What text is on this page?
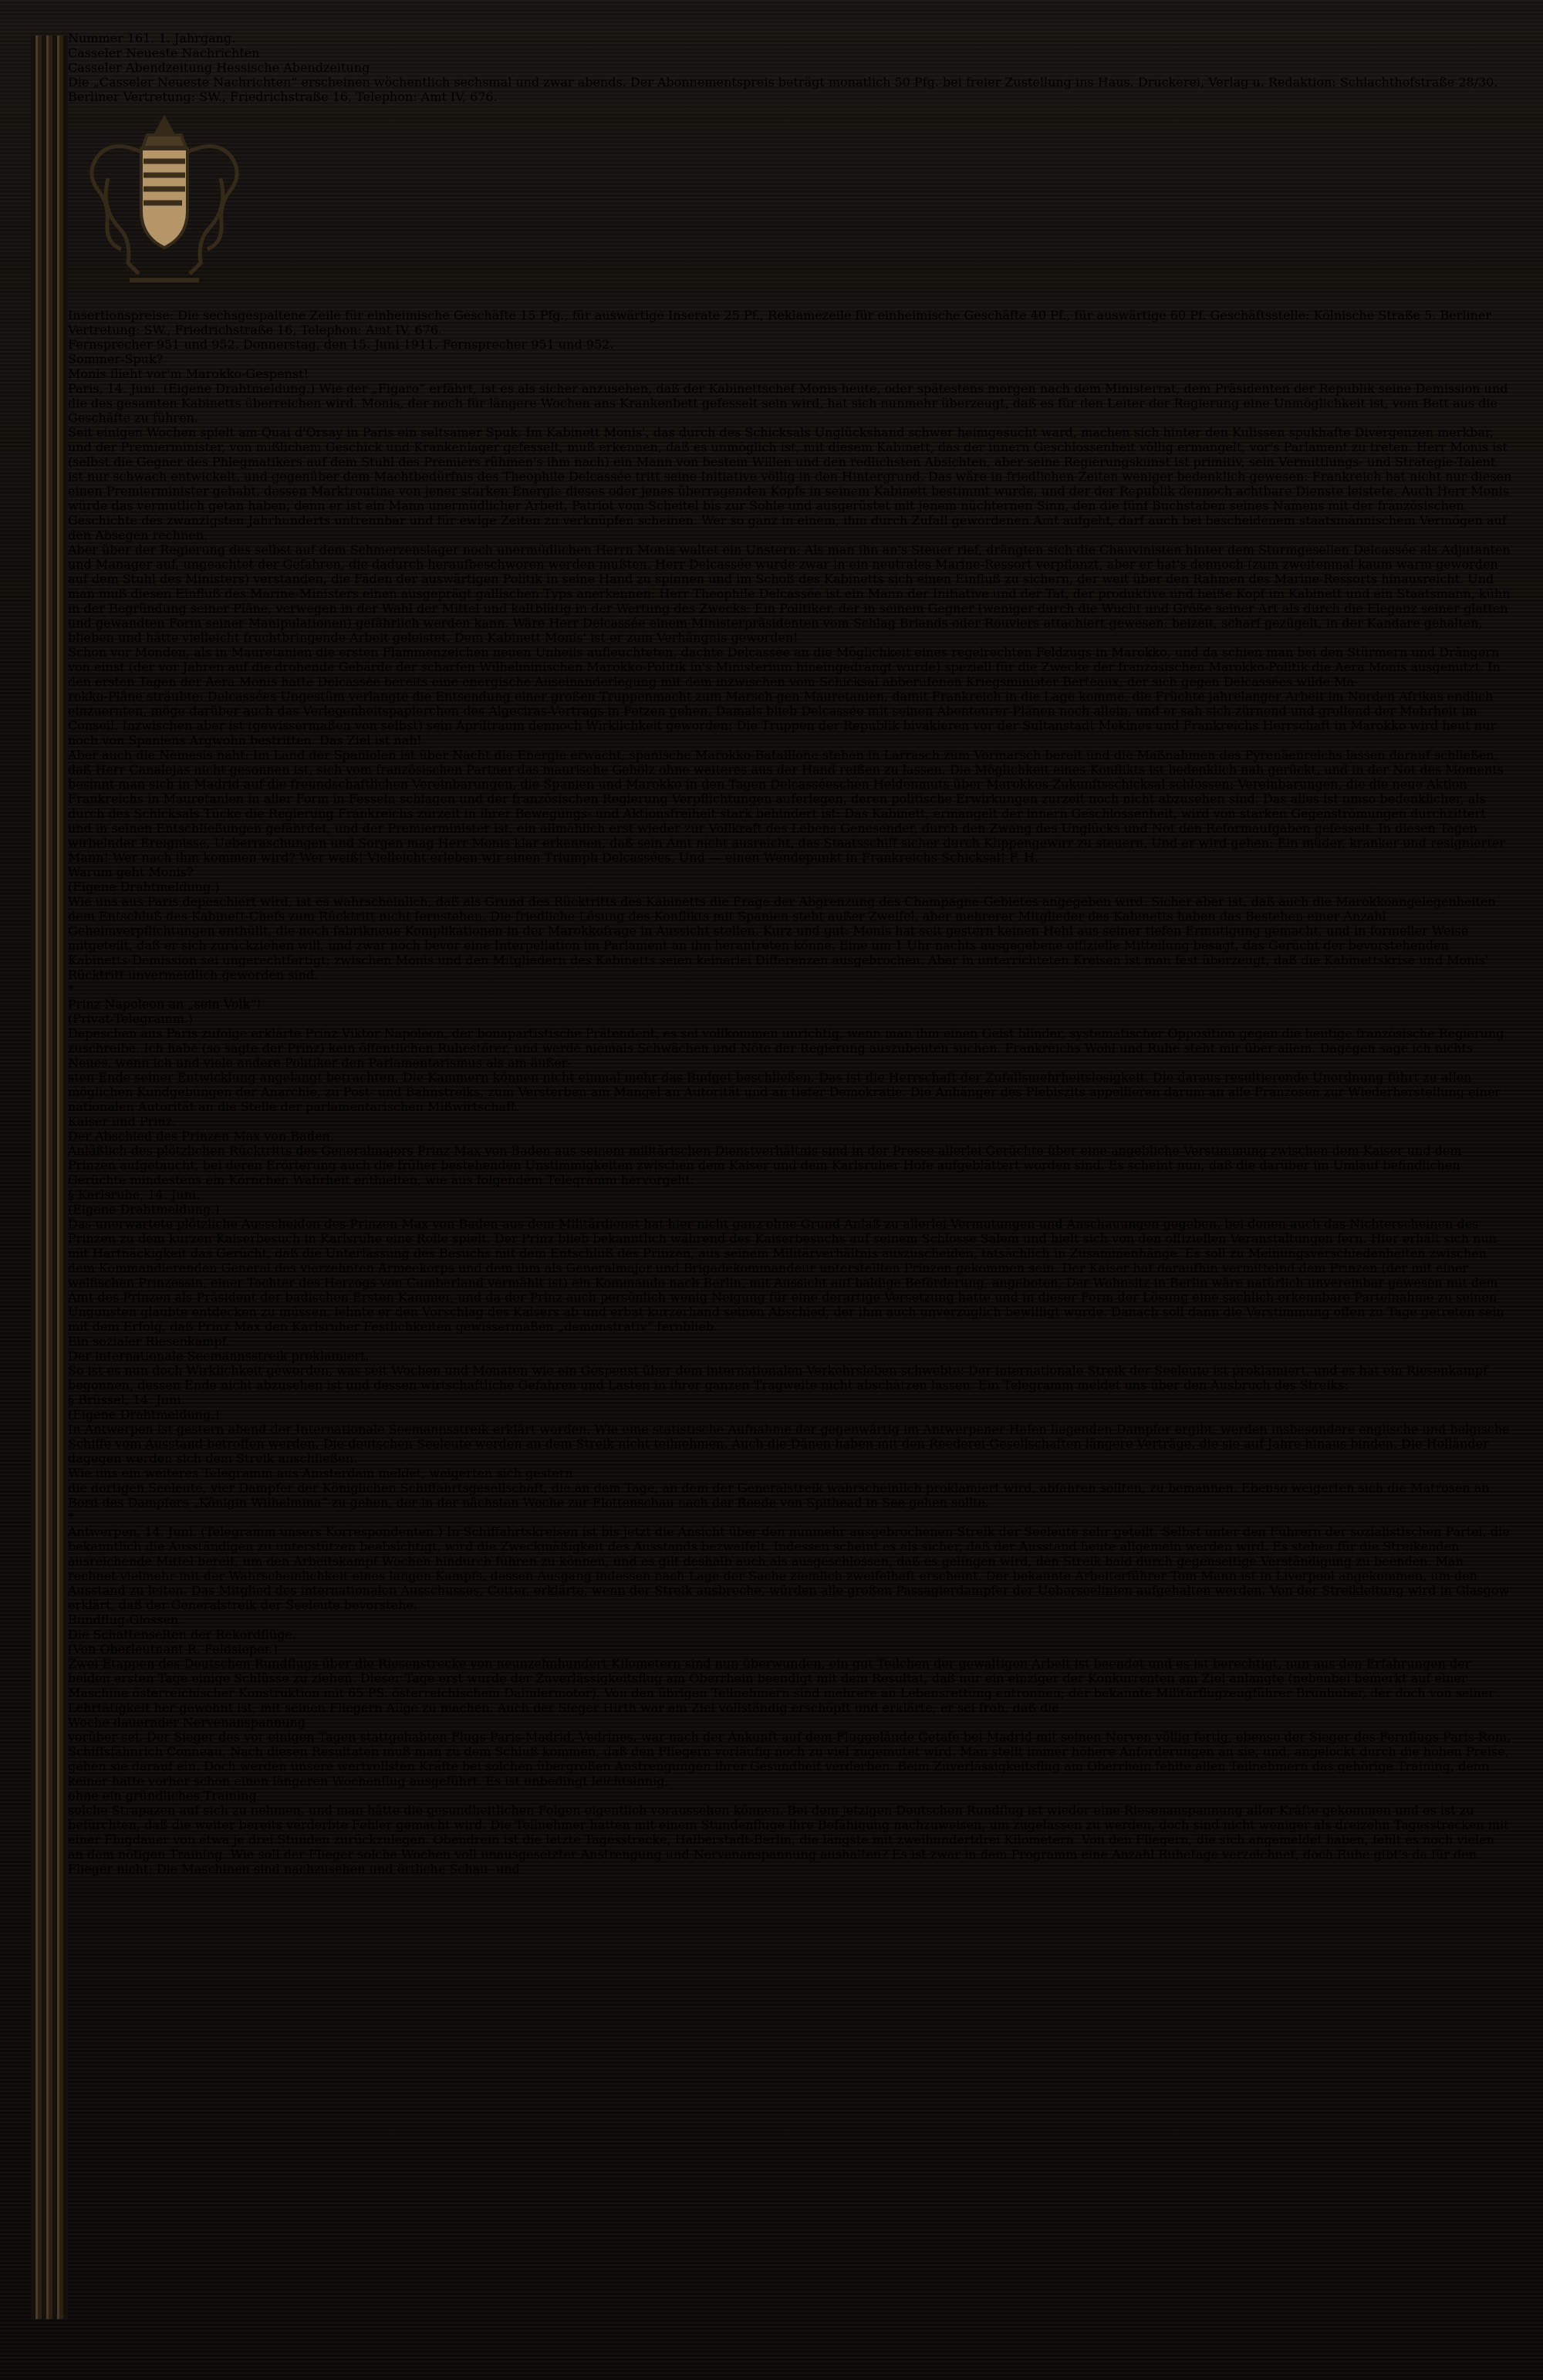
Nummer 161. 1. Jahrgang.
Casseler Neueste Nachrichten
Casseler Abendzeitung Hessische Abendzeitung
Die „Casseler Neueste Nachrichten“ erscheinen wöchentlich sechsmal und zwar abends. Der Abonnementspreis beträgt monatlich 50 Pfg. bei freier Zustellung ins Haus. Druckerei, Verlag u. Redaktion: Schlachthofstraße 28/30. Berliner Vertretung: SW., Friedrichstraße 16, Telephon: Amt IV, 676.
Insertionspreise: Die sechsgespaltene Zeile für einheimische Geschäfte 15 Pfg., für auswärtige Inserate 25 Pf., Reklamezeile für einheimische Geschäfte 40 Pf., für auswärtige 60 Pf. Geschäftsstelle: Kölnische Straße 5. Berliner Vertretung: SW., Friedrichstraße 16, Telephon: Amt IV, 676.
Fernsprecher 951 und 952. Donnerstag, den 15. Juni 1911. Fernsprecher 951 und 952.
Sommer-Spuk?
Monis flieht vor'm Marokko-Gespenst!
Paris, 14. Juni. (Eigene Drahtmeldung.) Wie der „Figaro“ erfährt, ist es als sicher anzusehen, daß der Kabinettschef Monis heute, oder spätestens morgen nach dem Ministerrat, dem Präsidenten der Republik seine Demission und die des gesamten Kabinetts überreichen wird. Monis, der noch für längere Wochen ans Krankenbett gefesselt sein wird, hat sich nunmehr überzeugt, daß es für den Leiter der Regierung eine Unmöglichkeit ist, vom Bett aus die Geschäfte zu führen.
Seit einigen Wochen spielt am Quai d'Orsay in Paris ein seltsamer Spuk: Im Kabinett Monis', das durch des Schicksals Unglückshand schwer heimgesucht ward, machen sich hinter den Kulissen spukhafte Divergenzen merkbar, und der Premierminister, von mißlichem Geschick und Krankenlager gefesselt, muß erkennen, daß es unmöglich ist, mit diesem Kabinett, das der innern Geschlossenheit völlig ermangelt, vor's Parlament zu treten. Herr Monis ist (selbst die Gegner des Phlegmatikers auf dem Stuhl des Premiers rühmen's ihm nach) ein Mann von bestem Willen und den redlichsten Absichten, aber seine Regierungskunst ist primitiv, sein Vermittlungs- und Strategie-Talent ist nur schwach entwickelt, und gegenüber dem Machtbedürfnis des Theophile Delcassée tritt seine Initiative völlig in den Hintergrund. Das wäre in friedlichen Zeiten weniger bedenklich gewesen: Frankreich hat nicht nur diesen einen Premierminister gehabt, dessen Marktroutine von jener starken Energie dieses oder jenes überragenden Kopfs in seinem Kabinett bestimmt wurde, und der der Republik dennoch achtbare Dienste leistete. Auch Herr Monis würde das vermutlich getan haben, denn er ist ein Mann unermüdlicher Arbeit, Patriot vom Scheitel bis zur Sohle und ausgerüstet mit jenem nüchternen Sinn, den die fünf Buchstaben seines Namens mit der französischen Geschichte des zwanzigsten Jahrhunderts untrennbar und für ewige Zeiten zu verknüpfen scheinen. Wer so ganz in einem, ihm durch Zufall gewordenen Amt aufgeht, darf auch bei bescheidenem staatsmännischem Vermögen auf den Absegen rechnen.
Aber über der Regierung des selbst auf dem Schmerzenslager noch unermüdlichen Herrn Monis waltet ein Unstern: Als man ihn an's Steuer rief, drängten sich die Chauvinisten hinter dem Sturmgesellen Delcassée als Adjutanten und Manager auf, ungeachtet der Gefahren, die dadurch heraufbeschworen werden mußten. Herr Delcassée wurde zwar in ein neutrales Marine-Ressort verpflanzt, aber er hat's dennoch (zum zweitenmal kaum warm geworden auf dem Stuhl des Ministers) verstanden, die Fäden der auswärtigen Politik in seine Hand zu spinnen und im Schoß des Kabinetts sich einen Einfluß zu sichern, der weit über den Rahmen des Marine-Ressorts hinausreicht. Und man muß diesen Einfluß des Marine-Ministers einen ausgeprägt gallischen Typs anerkennen: Herr Theophile Delcassée ist ein Mann der Initiative und der Tat, der produktive und heiße Kopf im Kabinett und ein Staatsmann, kühn in der Begründung seiner Pläne, verwegen in der Wahl der Mittel und kaltblütig in der Wertung des Zwecks: Ein Politiker, der in seinem Gegner (weniger durch die Wucht und Größe seiner Art als durch die Eleganz seiner glatten und gewandten Form seiner Manipulationen) gefährlich werden kann. Wäre Herr Delcassée einem Ministerpräsidenten vom Schlag Briands oder Rouviers attachiert gewesen: beizeit, scharf gezügelt, in der Kandare gehalten, blieben und hätte vielleicht fruchtbringende Arbeit geleistet. Dem Kabinett Monis' ist er zum Verhängnis geworden!
Schon vor Monden, als in Mauretanien die ersten Flammenzeichen neuen Unheils aufleuchteten, dachte Delcassée an die Möglichkeit eines regelrechten Feldzugs in Marokko, und da schien man bei den Stürmern und Drängern von einst (der vor Jahren auf die drohende Gebärde der scharfen Wilhelminischen Marokko-Politik in's Ministerium hineingedrängt wurde) speziell für die Zwecke der französischen Marokko-Politik die Aera Monis ausgenutzt. In den ersten Tagen der Aera Monis hatte Delcassée bereits eine energische Auseinanderlegung mit dem inzwischen vom Schicksal abberufenen Kriegsminister Berteaux, der sich gegen Delcassées wilde Ma-
rokko-Pläne sträubte: Delcassées Ungestüm verlangte die Entsendung einer großen Truppenmacht zum Marsch gen Mauretanien, damit Frankreich in die Lage komme, die Früchte jahrelanger Arbeit im Norden Afrikas endlich einzuernten, möge darüber auch das Verlegenheitspapierchen des Algeciras-Vertrags in Fetzen gehen. Damals blieb Delcassée mit seinen Abenteurer-Plänen noch allein, und er sah sich zürnend und grollend der Mehrheit im Conseil. Inzwischen aber ist (gewissermaßen von selbst) sein Apriltraum dennoch Wirklichkeit geworden: Die Truppen der Republik bivakieren vor der Sultanstadt Mekines und Frankreichs Herrschaft in Marokko wird heut nur noch von Spaniens Argwohn bestritten. Das Ziel ist nah!
Aber auch die Nemesis naht: Im Land der Spaniolen ist über Nacht die Energie erwacht, spanische Marokko-Bataillone stehen in Larrasch zum Vormarsch bereit und die Maßnahmen des Pyrenäenreichs lassen darauf schließen, daß Herr Canalejas nicht gesonnen ist, sich vom französischen Partner das maurische Gehölz ohne weiteres aus der Hand reißen zu lassen. Die Möglichkeit eines Konflikts ist bedenklich nah gerückt, und in der Not des Moments besinnt man sich in Madrid auf die freundschaftlichen Vereinbarungen, die Spanien und Marokko in den Tagen Delcasséeschen Heldenmuts über Marokkos Zukunftsschicksal schlossen; Vereinbarungen, die die neue Aktion Frankreichs in Mauretanien in aller Form in Fesseln schlagen und der französischen Regierung Verpflichtungen auferlegen, deren politische Erwirkungen zurzeit noch nicht abzusehen sind. Das alles ist umso bedenklicher, als durch des Schicksals Tücke die Regierung Frankreichs zurzeit in ihrer Bewegungs- und Aktionsfreiheit stark behindert ist: Das Kabinett, ermangelt der innern Geschlossenheit, wird von starken Gegenströmungen durchzittert und in seinen Entschließungen gefährdet, und der Premierminister ist, ein allmählich erst wieder zur Vollkraft des Lebens Genesender, durch den Zwang des Unglücks und Not den Reformaufgaben gefesselt. In diesen Tagen wirbelnder Ereignisse, Ueberraschungen und Sorgen mag Herr Monis klar erkennen, daß sein Amt nicht ausreicht, das Staatsschiff sicher durch Klippengewirr zu steuern. Und er wird gehen: Ein müder, kranker und resignierter Mann! Wer nach ihm kommen wird? Wer weiß! Vielleicht erleben wir einen Triumph Delcassées. Und — einen Wendepunkt in Frankreichs Schicksal! F. H.
Warum geht Monis?
(Eigene Drahtmeldung.)
Wie uns aus Paris depeschiert wird, ist es wahrscheinlich, daß als Grund des Rücktritts des Kabinetts die Frage der Abgrenzung des Champagne-Gebietes angegeben wird. Sicher aber ist, daß auch die Marokkoangelegenheiten dem Entschluß des Kabinett-Chefs zum Rücktritt nicht fernstehen. Die friedliche Lösung des Konflikts mit Spanien steht außer Zweifel, aber mehrerer Mitglieder des Kabinetts haben das Bestehen einer Anzahl Geheimverpflichtungen enthüllt, die noch fabrikneue Komplikationen in der Marokkofrage in Aussicht stellen. Kurz und gut: Monis hat seit gestern keinen Hehl aus seiner tiefen Ermutigung gemacht, und in formeller Weise mitgeteilt, daß er sich zurückziehen will, und zwar noch bevor eine Interpellation im Parlament an ihn herantreten könne. Eine um 1 Uhr nachts ausgegebene offizielle Mitteilung besagt, das Gerücht der bevorstehenden Kabinetts-Demission sei ungerechtfertigt; zwischen Monis und den Mitgliedern des Kabinetts seien keinerlei Differenzen ausgebrochen. Aber in unterrichteten Kreisen ist man fest überzeugt, daß die Kabinettskrise und Monis' Rücktritt unvermeidlich geworden sind.
*
Prinz Napoleon an „sein Volk“!
(Privat-Telegramm.)
Depeschen aus Paris zufolge erklärte Prinz Viktor Napoleon, der bonapartistische Prätendent, es sei vollkommen unrichtig, wenn man ihm einen Geist blinder, systematischer Opposition gegen die heutige französische Regierung zuschreibe. Ich habe (so sagte der Prinz) kein öffentlichen Ruhestörer, und werde niemals Schwächen und Nöte der Regierung auszubeuten suchen. Frankreichs Wohl und Ruhe steht mir über allem. Dagegen sage ich nichts Neues, wenn ich und viele andere Politiker den Parlamentarismus als am äußer-
sten Ende seiner Entwicklung angelangt betrachten. Die Kammern können nicht einmal mehr das Budget beschließen. Das ist die Herrschaft der Zufallsmehrheitslosigkeit. Die daraus resultierende Unordnung führt zu allen möglichen Kundgebungen der Anarchie, zu Post- und Bahnstreiks, zum Versterben am Mangel an Autorität und an tiefer Demokratie. Die Anhänger des Plebiszits appellieren darum an alle Franzosen zur Wiederherstellung einer nationalen Autorität an die Stelle der parlamentarischen Mißwirtschaft.
Kaiser und Prinz.
Der Abschied des Prinzen Max von Baden.
Anläßlich des plötzlichen Rücktritts des Generalmajors Prinz Max von Baden aus seinem militärischen Dienstverhältnis sind in der Presse allerlei Gerüchte über eine angebliche Verstimmung zwischen dem Kaiser und dem Prinzen aufgetaucht, bei deren Erörterung auch die früher bestehenden Unstimmigkeiten zwischen dem Kaiser und dem Karlsruher Hofe aufgeblättert worden sind. Es scheint nun, daß die darüber im Umlauf befindlichen Gerüchte mindestens ein Körnchen Wahrheit enthielten, wie aus folgendem Telegramm hervorgeht:
§ Karlsruhe, 14. Juni.
(Eigene Drahtmeldung.)
Das unerwartete plötzliche Ausscheiden des Prinzen Max von Baden aus dem Militärdienst hat hier nicht ganz ohne Grund Anlaß zu allerlei Vermutungen und Anschauungen gegeben, bei denen auch das Nichterscheinen des Prinzen zu dem kurzen Kaiserbesuch in Karlsruhe eine Rolle spielt. Der Prinz blieb bekanntlich während des Kaiserbesuchs auf seinem Schlosse Salem und hielt sich von den offiziellen Veranstaltungen fern. Hier erhält sich nun mit Hartnäckigkeit das Gerücht, daß die Unterlassung des Besuchs mit dem Entschluß des Prinzen, aus seinem Militärverhältnis auszuscheiden, tatsächlich in Zusammenhänge. Es soll zu Meinungsverschiedenheiten zwischen dem Kommandierenden General des vierzehnten Armeekorps und dem ihm als Generalmajor und Brigadekommandeur unterstellten Prinzen gekommen sein. Der Kaiser hat daraufhin vermittelnd dem Prinzen (der mit einer welfischen Prinzessin, einer Tochter des Herzogs von Cumberland vermählt ist) ein Kommando nach Berlin, mit Aussicht auf baldige Beförderung, angeboten. Der Wohnsitz in Berlin wäre natürlich unvereinbar gewesen mit dem Amt des Prinzen als Präsident der badischen Ersten Kammer, und da der Prinz auch persönlich wenig Neigung für eine derartige Versetzung hatte und in dieser Form der Lösung eine sachlich erkennbare Parteinahme zu seinen Ungunsten glaubte entdecken zu müssen, lehnte er den Vorschlag des Kaisers ab und erbat kurzerhand seinen Abschied, der ihm auch unverzüglich bewilligt wurde. Danach soll dann die Verstimmung offen zu Tage getreten sein mit dem Erfolg, daß Prinz Max den Karlsruher Festlichkeiten gewissermaßen „demonstrativ“ fernblieb.
Ein sozialer Riesenkampf.
Der internationale Seemannsstreik proklamiert.
So ist es nun doch Wirklichkeit geworden, was seit Wochen und Monaten wie ein Gespenst über dem internationalen Verkehrsleben schwebte: Der internationale Streik der Seeleute ist proklamiert, und es hat ein Riesenkampf begonnen, dessen Ende nicht abzusehen ist und dessen wirtschaftliche Gefahren und Lasten in ihrer ganzen Tragweite nicht abschätzen lassen. Ein Telegramm meldet uns über den Ausbruch des Streiks:
§ Brüssel, 14. Juni.
(Eigene Drahtmeldung.)
In Antwerpen ist gestern abend der Internationale Seemannsstreik erklärt worden. Wie eine statistische Aufnahme der gegenwärtig im Antwerpener Hafen liegenden Dampfer ergibt, werden insbesondere englische und belgische Schiffe vom Ausstand betroffen werden. Die deutschen Seeleute werden an dem Streik nicht teilnehmen. Auch die Dänen haben mit den Reederei-Gesellschaften längere Verträge, die sie auf Jahre hinaus binden. Die Holländer dagegen werden sich dem Streik anschließen.
Wie uns ein weiteres Telegramm aus Amsterdam meldet, weigerten sich gestern
die dortigen Seeleute, vier Dampfer der Königlichen Schiffahrtsgesellschaft, die an dem Tage, an dem der Generalstreik wahrscheinlich proklamiert wird, abfahren sollten, zu bemannen. Ebenso weigerten sich die Matrosen an Bord des Dampfers „Königin Wilhelmina“ zu gehen, der in der nächsten Woche zur Flottenschau nach der Reede von Spithead in See gehen sollte.
*
Antwerpen, 14. Juni. (Telegramm unsers Korrespondenten.) In Schiffahrtskreisen ist bis jetzt die Ansicht über den nunmehr ausgebrochenen Streik der Seeleute sehr geteilt. Selbst unter den Führern der sozialistischen Partei, die bekanntlich die Ausständigen zu unterstützen beabsichtigt, wird die Zweckmäßigkeit des Ausstands bezweifelt. Indessen scheint es als sicher, daß der Ausstand heute allgemein werden wird. Es stehen für die Streikenden ausreichende Mittel bereit, um den Arbeitskampf Wochen hindurch führen zu können, und es gilt deshalb auch als ausgeschlossen, daß es gelingen wird, den Streik bald durch gegenseitige Verständigung zu beenden. Man rechnet vielmehr mit der Wahrscheinlichkeit eines langen Kampfs, dessen Ausgang indessen nach Lage der Sache ziemlich zweifelhaft erscheint. Der bekannte Arbeiterführer Tom Mann ist in Liverpool angekommen, um den Ausstand zu leiten. Das Mitglied des internationalen Ausschusses, Cotter, erklärte, wenn der Streik ausbreche, würden alle großen Passagierdampfer der Ueberseelinien aufgehalten werden. Von der Streikleitung wird in Glasgow erklärt, daß der Generalstreik der Seeleute bevorstehe.
Rundflug-Glossen.
Die Schattenseiten der Rekordflüge.
(Von Oberleutnant R. Feldsieper.)
Zwei Etappen des Deutschen Rundflugs über die Riesenstrecke von neunzehnhundert Kilometern sind nun überwunden, ein gut Teilchen der gewaltigen Arbeit ist beendet und es ist berechtigt, nun aus den Erfahrungen der beiden ersten Tage einige Schlüsse zu ziehen. Dieser Tage erst wurde der Zuverlässigkeitsflug am Oberrhein beendigt mit dem Resultat, daß nur ein einziger der Konkurrenten am Ziel anlangte (nebenbei bemerkt auf einer Maschine österreichischer Konstruktion mit 65 PS. österreichischem Daimlermotor). Von den übrigen Teilnehmern sind mehrere an Lebensrettung entronnen; der bekannte Militärflugzeugführer Brunhuber, der doch von seiner Lehrtätigkeit her gewohnt ist, mit seinen Fliegern Allge zu machen. Auch der Sieger Hirth war am Ziel vollständig erschöpft und erklärte, er sei froh, daß die
Woche dauernder Nervenanspannung
vorüber sei. Der Sieger des vor einigen Tagen stattgehabten Flugs Paris-Madrid, Vedrines, war nach der Ankunft auf dem Fluggelände Getafe bei Madrid mit seinen Nerven völlig fertig, ebenso der Sieger des Fernflugs Paris-Rom, Schiffsfähnrich Conneau. Nach diesen Resultaten muß man zu dem Schluß kommen, daß den Fliegern vorläufig noch zu viel zugemutet wird. Man stellt immer höhere Anforderungen an sie, und, angelockt durch die hohen Preise, gehen sie darauf ein. Doch werden unsere wertvollsten Kräfte bei solchen übergroßen Anstrengungen ihrer Gesundheit verderben. Beim Zuverlässigkeitsflug am Oberrhein fehlte allen Teilnehmern das gehörige Training, denn keiner hatte vorher schon einen längeren Wochenflug ausgeführt. Es ist unbedingt leichtsinnig,
ohne ein gründliches Training
solche Strapazen auf sich zu nehmen, und man hätte die gesundheitlichen Folgen eigentlich voraussehen können. Bei dem jetzigen Deutschen Rundflug ist wieder eine Riesenanspannung aller Kräfte gekommen und es ist zu befürchten, daß die weiter bereits verderbte Fehler gemacht wird. Die Teilnehmer hatten mit einem Stundenfluge ihre Befähigung nachzuweisen, um zugelassen zu werden, doch sind nicht weniger als dreizehn Tagesstrecken mit einer Flugdauer von etwa je drei Stunden zurückzulegen. Obendrein ist die letzte Tagesstrecke, Halberstadt-Berlin, die längste mit zweihundertdrei Kilometern. Von den Fliegern, die sich angemeldet haben, fehlt es noch vielen an dem nötigen Training. Wie soll der Flieger solche Wochen voll unausgesetzter Anstrengung und Nervenanspannung aushalten? Es ist zwar in dem Programm eine Anzahl Ruhetage verzeichnet, doch Ruhe gibt's da für den Flieger nicht: Die Maschinen sind nachzusehen und örtliche Schau- und
